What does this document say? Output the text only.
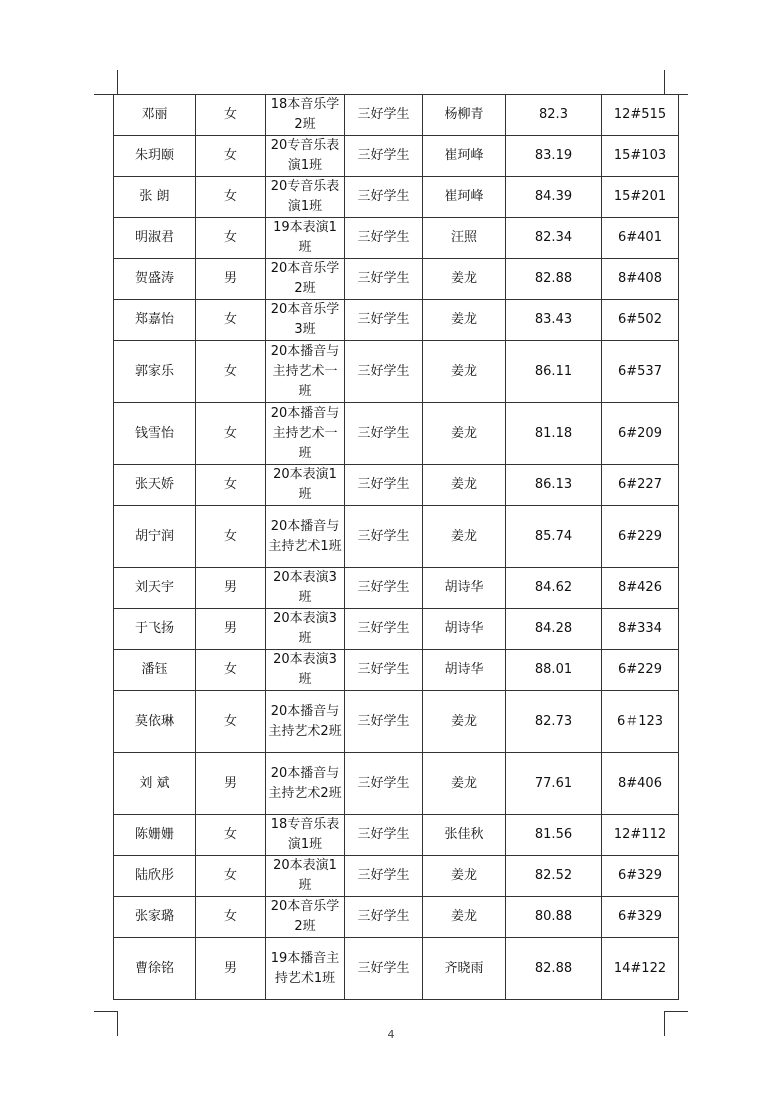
邓丽	女	18本音乐学2班	三好学生	杨柳青	82.3	12#515
朱玥颐	女	20专音乐表演1班	三好学生	崔珂峰	83.19	15#103
张 朗	女	20专音乐表演1班	三好学生	崔珂峰	84.39	15#201
明淑君	女	19本表演1班	三好学生	汪照	82.34	6#401
贺盛涛	男	20本音乐学2班	三好学生	姜龙	82.88	8#408
郑嘉怡	女	20本音乐学3班	三好学生	姜龙	83.43	6#502
郭家乐	女	20本播音与主持艺术一班	三好学生	姜龙	86.11	6#537
钱雪怡	女	20本播音与主持艺术一班	三好学生	姜龙	81.18	6#209
张天娇	女	20本表演1班	三好学生	姜龙	86.13	6#227
胡宁润	女	20本播音与主持艺术1班	三好学生	姜龙	85.74	6#229
刘天宇	男	20本表演3班	三好学生	胡诗华	84.62	8#426
于飞扬	男	20本表演3班	三好学生	胡诗华	84.28	8#334
潘钰	女	20本表演3班	三好学生	胡诗华	88.01	6#229
莫依琳	女	20本播音与主持艺术2班	三好学生	姜龙	82.73	6＃123
刘 斌	男	20本播音与主持艺术2班	三好学生	姜龙	77.61	8#406
陈姗姗	女	18专音乐表演1班	三好学生	张佳秋	81.56	12#112
陆欣彤	女	20本表演1班	三好学生	姜龙	82.52	6#329
张家璐	女	20本音乐学2班	三好学生	姜龙	80.88	6#329
曹徐铭	男	19本播音主持艺术1班	三好学生	齐晓雨	82.88	14#122
4
